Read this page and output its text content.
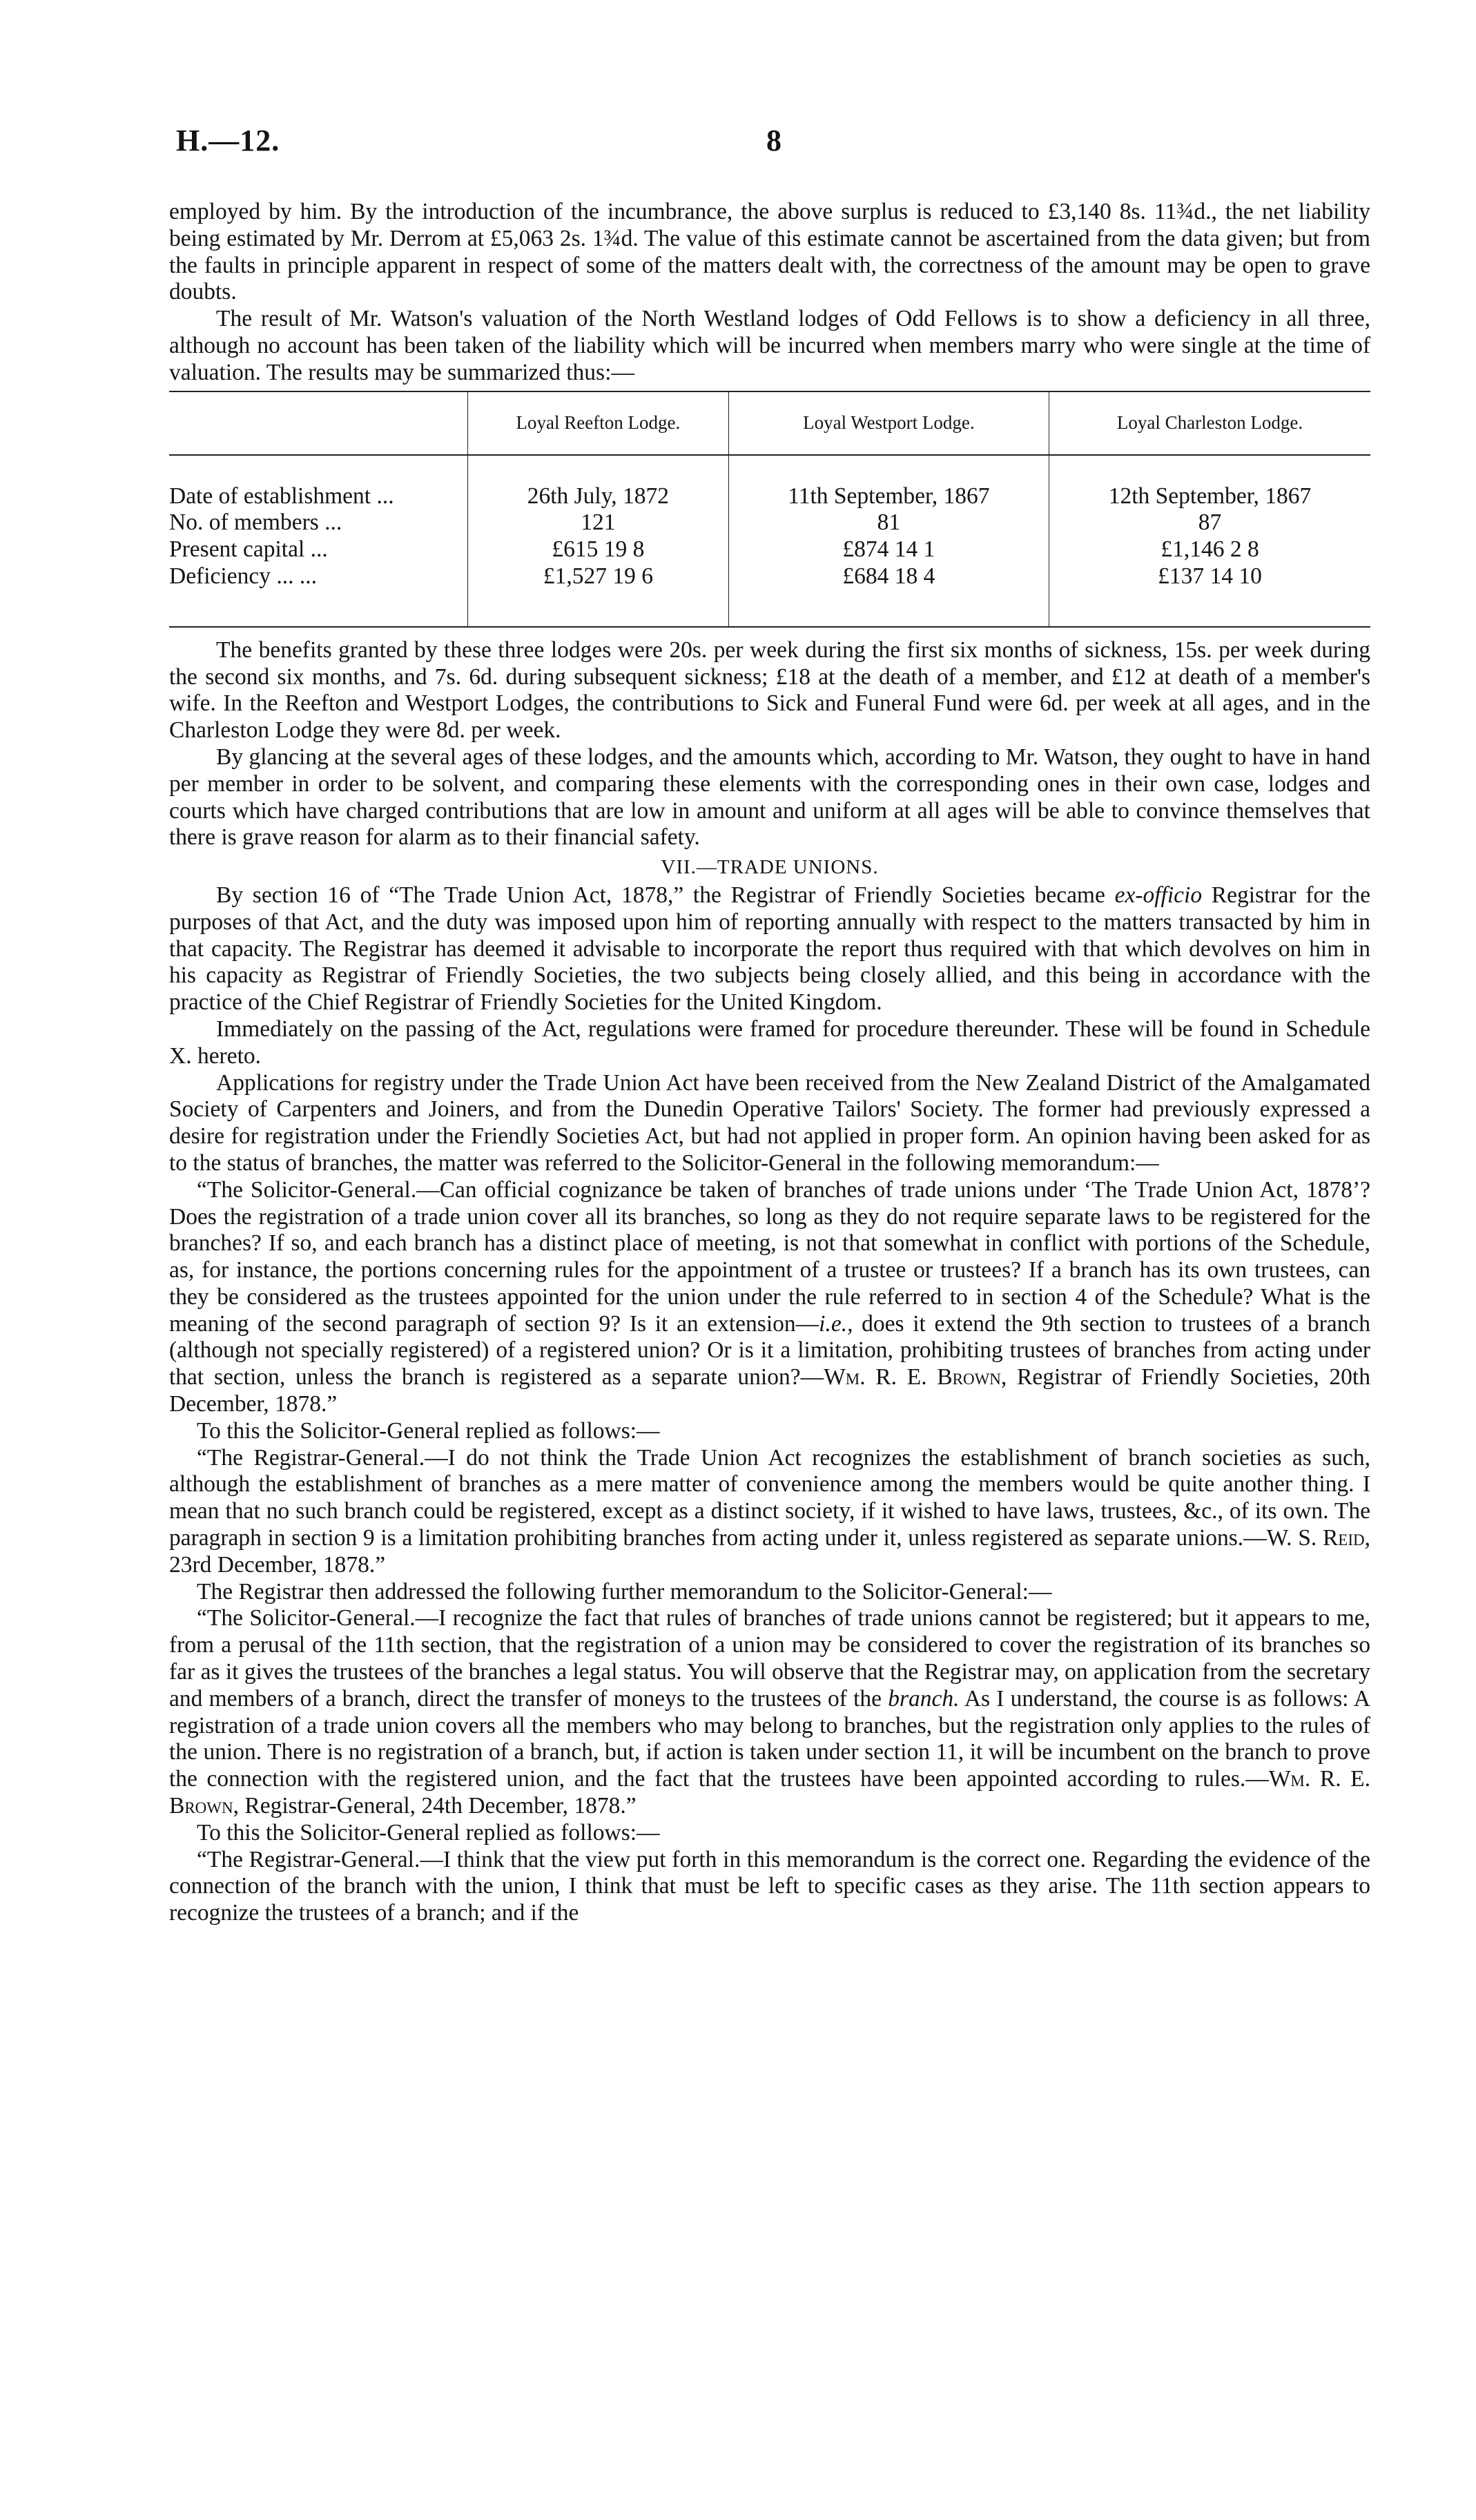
H.—12.	8

employed by him. By the introduction of the incumbrance, the above surplus is reduced to £3,140 8s. 11¾d., the net liability being estimated by Mr. Derrom at £5,063 2s. 1¾d. The value of this estimate cannot be ascertained from the data given; but from the faults in principle apparent in respect of some of the matters dealt with, the correctness of the amount may be open to grave doubts.

The result of Mr. Watson's valuation of the North Westland lodges of Odd Fellows is to show a deficiency in all three, although no account has been taken of the liability which will be incurred when members marry who were single at the time of valuation. The results may be summarized thus:—

	Loyal Reefton Lodge.	Loyal Westport Lodge.	Loyal Charleston Lodge.
Date of establishment ...	26th July, 1872	11th September, 1867	12th September, 1867
No. of members ...	121	81	87
Present capital ...	£615 19 8	£874 14 1	£1,146 2 8
Deficiency ... ...	£1,527 19 6	£684 18 4	£137 14 10

The benefits granted by these three lodges were 20s. per week during the first six months of sickness, 15s. per week during the second six months, and 7s. 6d. during subsequent sickness; £18 at the death of a member, and £12 at death of a member's wife. In the Reefton and Westport Lodges, the contributions to Sick and Funeral Fund were 6d. per week at all ages, and in the Charleston Lodge they were 8d. per week.

By glancing at the several ages of these lodges, and the amounts which, according to Mr. Watson, they ought to have in hand per member in order to be solvent, and comparing these elements with the corresponding ones in their own case, lodges and courts which have charged contributions that are low in amount and uniform at all ages will be able to convince themselves that there is grave reason for alarm as to their financial safety.

VII.—TRADE UNIONS.

By section 16 of “The Trade Union Act, 1878,” the Registrar of Friendly Societies became ex-officio Registrar for the purposes of that Act, and the duty was imposed upon him of reporting annually with respect to the matters transacted by him in that capacity. The Registrar has deemed it advisable to incorporate the report thus required with that which devolves on him in his capacity as Registrar of Friendly Societies, the two subjects being closely allied, and this being in accordance with the practice of the Chief Registrar of Friendly Societies for the United Kingdom.

Immediately on the passing of the Act, regulations were framed for procedure thereunder. These will be found in Schedule X. hereto.

Applications for registry under the Trade Union Act have been received from the New Zealand District of the Amalgamated Society of Carpenters and Joiners, and from the Dunedin Operative Tailors' Society. The former had previously expressed a desire for registration under the Friendly Societies Act, but had not applied in proper form. An opinion having been asked for as to the status of branches, the matter was referred to the Solicitor-General in the following memorandum:—

“The Solicitor-General.—Can official cognizance be taken of branches of trade unions under ‘The Trade Union Act, 1878’? Does the registration of a trade union cover all its branches, so long as they do not require separate laws to be registered for the branches? If so, and each branch has a distinct place of meeting, is not that somewhat in conflict with portions of the Schedule, as, for instance, the portions concerning rules for the appointment of a trustee or trustees? If a branch has its own trustees, can they be considered as the trustees appointed for the union under the rule referred to in section 4 of the Schedule? What is the meaning of the second paragraph of section 9? Is it an extension—i.e., does it extend the 9th section to trustees of a branch (although not specially registered) of a registered union? Or is it a limitation, prohibiting trustees of branches from acting under that section, unless the branch is registered as a separate union?—Wm. R. E. Brown, Registrar of Friendly Societies, 20th December, 1878.”

To this the Solicitor-General replied as follows:—

“The Registrar-General.—I do not think the Trade Union Act recognizes the establishment of branch societies as such, although the establishment of branches as a mere matter of convenience among the members would be quite another thing. I mean that no such branch could be registered, except as a distinct society, if it wished to have laws, trustees, &c., of its own. The paragraph in section 9 is a limitation prohibiting branches from acting under it, unless registered as separate unions.—W. S. Reid, 23rd December, 1878.”

The Registrar then addressed the following further memorandum to the Solicitor-General:—

“The Solicitor-General.—I recognize the fact that rules of branches of trade unions cannot be registered; but it appears to me, from a perusal of the 11th section, that the registration of a union may be considered to cover the registration of its branches so far as it gives the trustees of the branches a legal status. You will observe that the Registrar may, on application from the secretary and members of a branch, direct the transfer of moneys to the trustees of the branch. As I understand, the course is as follows: A registration of a trade union covers all the members who may belong to branches, but the registration only applies to the rules of the union. There is no registration of a branch, but, if action is taken under section 11, it will be incumbent on the branch to prove the connection with the registered union, and the fact that the trustees have been appointed according to rules.—Wm. R. E. Brown, Registrar-General, 24th December, 1878.”

To this the Solicitor-General replied as follows:—

“The Registrar-General.—I think that the view put forth in this memorandum is the correct one. Regarding the evidence of the connection of the branch with the union, I think that must be left to specific cases as they arise. The 11th section appears to recognize the trustees of a branch; and if the
